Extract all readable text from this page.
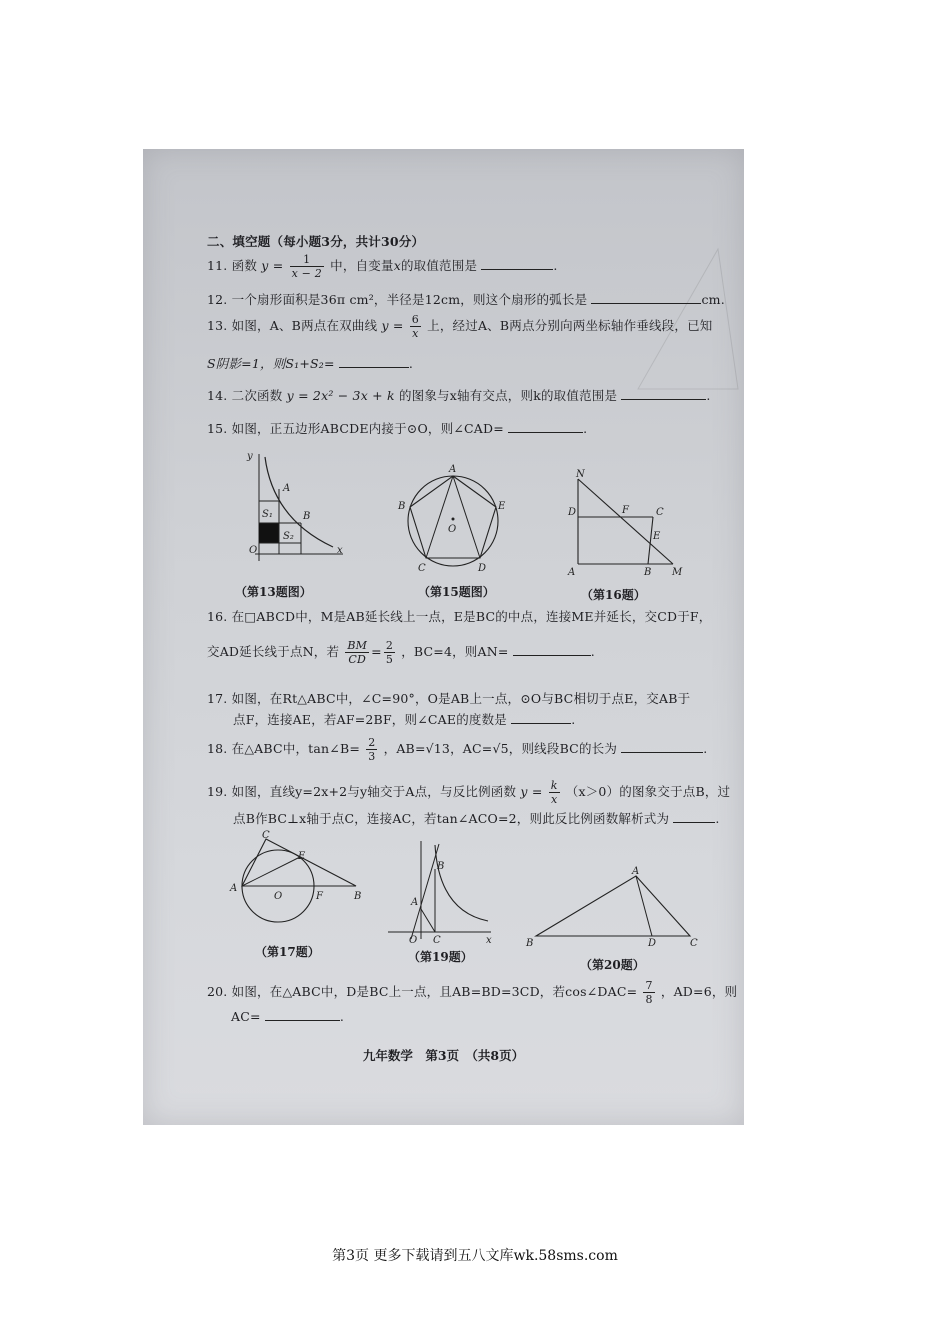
二、填空题（每小题3分，共计30分）
11. 函数 $y = \frac{1}{x - 2}$ 中，自变量x的取值范围是	.
12. 一个扇形面积是36π cm²，半径是12cm，则这个扇形的弧长是	cm.
13. 如图，A、B两点在双曲线 $y = \frac{6}{x}$ 上，经过A、B两点分别向两坐标轴作垂线段，已知
S阴影=1，则S₁+S₂=	.
14. 二次函数 y = 2x² − 3x + k 的图象与x轴有交点，则k的取值范围是	.
15. 如图，正五边形ABCDE内接于⊙O，则∠CAD=	.
y
A
B
S₁
S₂
O	x
（第13题图）
A
B	E
C	D
O
（第15题图）
N
D	F	C
E
A	B M
（第16题）
16. 在□ABCD中，M是AB延长线上一点，E是BC的中点，连接ME并延长，交CD于F，
交AD延长线于点N，若 $\frac{BM}{CD} = \frac{2}{5}$ ，BC=4，则AN=	.
17. 如图，在Rt△ABC中，∠C=90°，O是AB上一点，⊙O与BC相切于点E，交AB于
点F，连接AE，若AF=2BF，则∠CAE的度数是	.
18. 在△ABC中，tan∠B= $\frac{2}{3}$ ，AB=√13，AC=√5，则线段BC的长为	.
19. 如图，直线y=2x+2与y轴交于A点，与反比例函数 $y = \frac{k}{x} (x>0)$的图象交于点B，过
点B作BC⊥x轴于点C，连接AC，若tan∠ACO=2，则此反比例函数解析式为	.
C
E
A
O	F	B
（第17题）
A
B
O C	x
（第19题）
A
B	D	C
（第20题）
20. 如图，在△ABC中，D是BC上一点，且AB=BD=3CD，若cos∠DAC= $\frac{7}{8}$ ，AD=6，则
AC=	.
九年数学　第3页　（共8页）
第3页 更多下载请到五八文库wk.58sms.com
